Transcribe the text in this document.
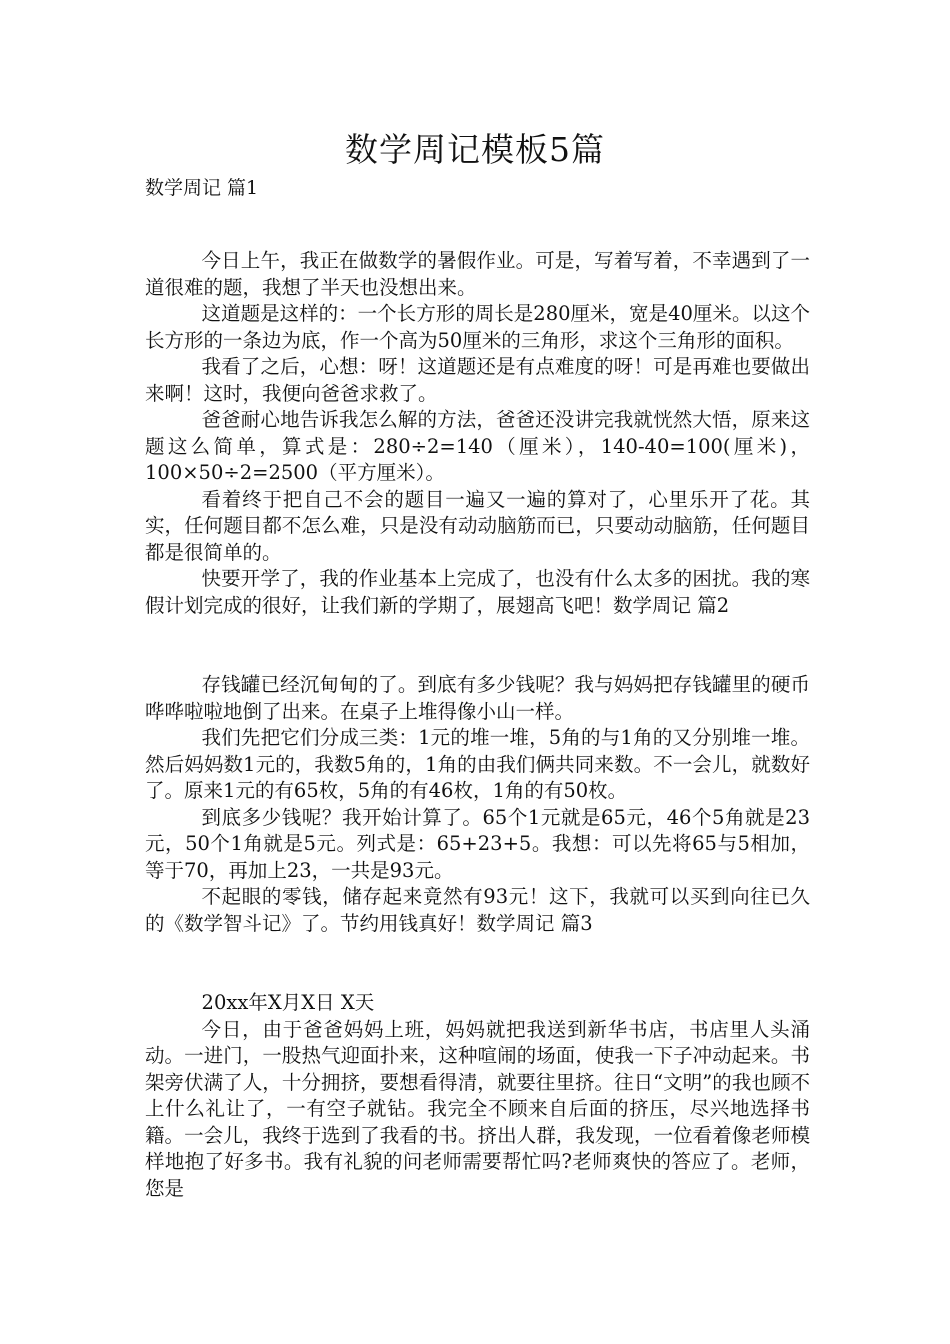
数学周记模板5篇
数学周记 篇1

今日上午，我正在做数学的暑假作业。可是，写着写着，不幸遇到了一道很难的题，我想了半天也没想出来。

这道题是这样的：一个长方形的周长是280厘米，宽是40厘米。以这个长方形的一条边为底，作一个高为50厘米的三角形，求这个三角形的面积。

我看了之后，心想：呀！这道题还是有点难度的呀！可是再难也要做出来啊！这时，我便向爸爸求救了。

爸爸耐心地告诉我怎么解的方法，爸爸还没讲完我就恍然大悟，原来这题这么简单，算式是：280÷2=140（厘米），140-40=100(厘米)，100×50÷2=2500（平方厘米）。

看着终于把自己不会的题目一遍又一遍的算对了，心里乐开了花。其实，任何题目都不怎么难，只是没有动动脑筋而已，只要动动脑筋，任何题目都是很简单的。

快要开学了，我的作业基本上完成了，也没有什么太多的困扰。我的寒假计划完成的很好，让我们新的学期了，展翅高飞吧！数学周记 篇2

存钱罐已经沉甸甸的了。到底有多少钱呢？我与妈妈把存钱罐里的硬币哗哗啦啦地倒了出来。在桌子上堆得像小山一样。

我们先把它们分成三类：1元的堆一堆，5角的与1角的又分别堆一堆。然后妈妈数1元的，我数5角的，1角的由我们俩共同来数。不一会儿，就数好了。原来1元的有65枚，5角的有46枚，1角的有50枚。

到底多少钱呢？我开始计算了。65个1元就是65元，46个5角就是23元，50个1角就是5元。列式是：65+23+5。我想：可以先将65与5相加，等于70，再加上23，一共是93元。

不起眼的零钱，储存起来竟然有93元！这下，我就可以买到向往已久的《数学智斗记》了。节约用钱真好！数学周记 篇3

20xx年X月X日 X天

今日，由于爸爸妈妈上班，妈妈就把我送到新华书店，书店里人头涌动。一进门，一股热气迎面扑来，这种喧闹的场面，使我一下子冲动起来。书架旁伏满了人，十分拥挤，要想看得清，就要往里挤。往日“文明”的我也顾不上什么礼让了，一有空子就钻。我完全不顾来自后面的挤压，尽兴地选择书籍。一会儿，我终于选到了我看的书。挤出人群，我发现，一位看着像老师模样地抱了好多书。我有礼貌的问老师需要帮忙吗?老师爽快的答应了。老师，您是
